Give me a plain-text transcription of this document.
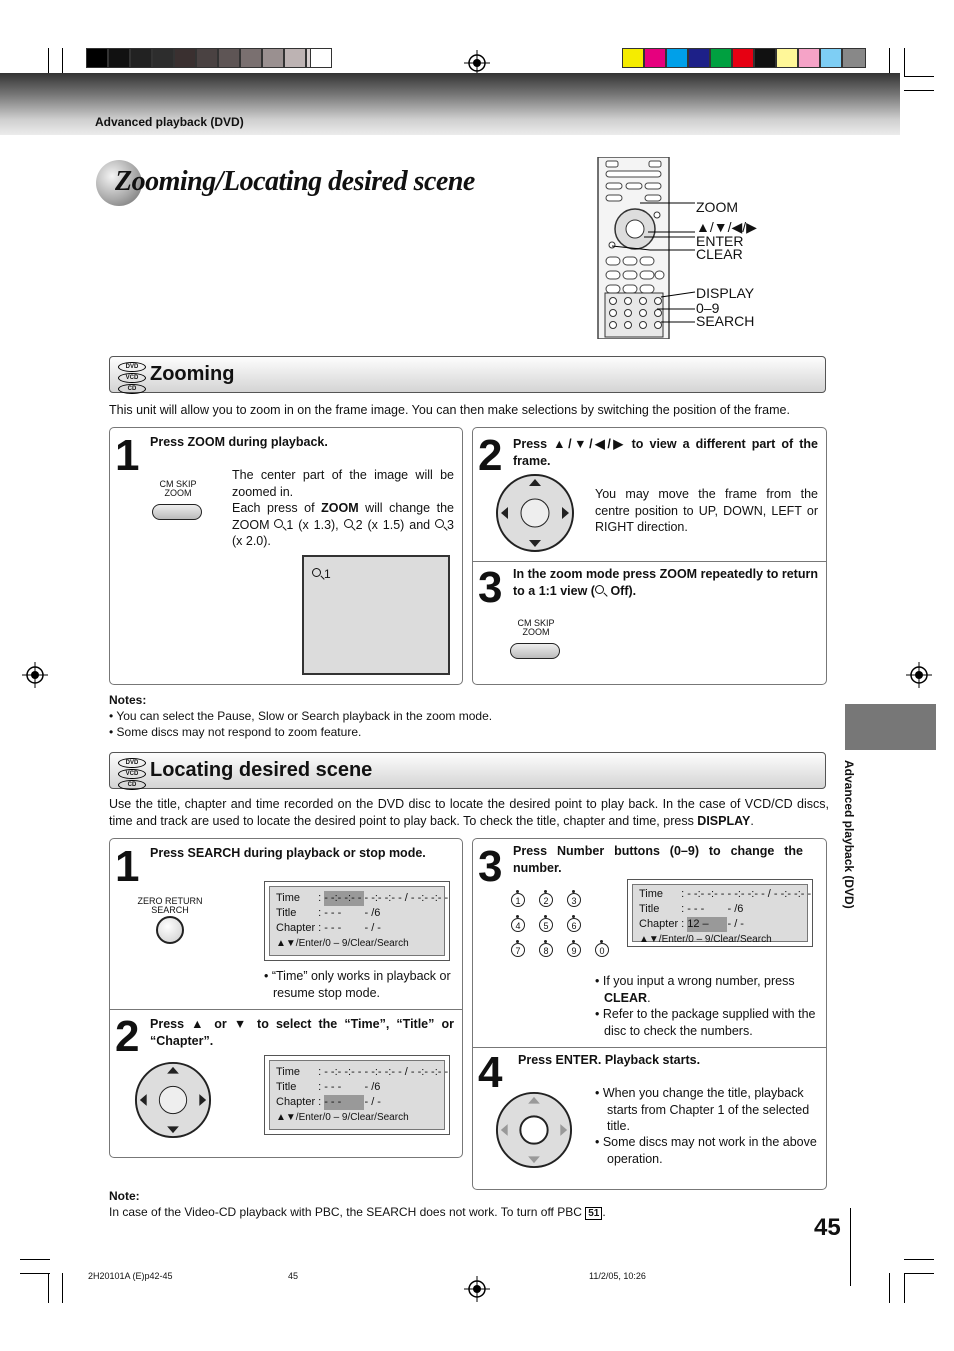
Advanced playback (DVD)
Zooming/Locating desired scene
ZOOM
▲/▼/◀/▶
ENTER
CLEAR
DISPLAY
0–9
SEARCH
DVD
VCD
CD
Zooming
This unit will allow you to zoom in on the frame image. You can then make selections by switching the position of the frame.
1 Press ZOOM during playback.
CM SKIP
ZOOM
The center part of the image will be zoomed in.
Each press of ZOOM will change the ZOOM 1 (x 1.3), 2 (x 1.5) and 3 (x 2.0).
1
2 Press ▲/▼/◀/▶ to view a different part of the frame.
You may move the frame from the centre position to UP, DOWN, LEFT or RIGHT direction.
3 In the zoom mode press ZOOM repeatedly to return to a 1:1 view ( Off).
CM SKIP
ZOOM
Notes:
• You can select the Pause, Slow or Search playback in the zoom mode.
• Some discs may not respond to zoom feature.
DVD
VCD
CD
Locating desired scene
Use the title, chapter and time recorded on the DVD disc to locate the desired point to play back. In the case of VCD/CD discs, time and track are used to locate the desired point to play back. To check the title, chapter and time, press DISPLAY.
1 Press SEARCH during playback or stop mode.
ZERO RETURN
SEARCH
Time	:	- -:- -:- -	- -:- -:- - / - -:- -:- -
Title	:	- - -	- /6
Chapter	:	- - -	- / -
▲▼/Enter/0 – 9/Clear/Search
• “Time” only works in playback or resume stop mode.
2 Press ▲ or ▼ to select the “Time”, “Title” or “Chapter”.
Time	:	- -:- -:- -	- -:- -:- - / - -:- -:- -
Title	:	- - -	- /6
Chapter	:	- - -	- / -
▲▼/Enter/0 – 9/Clear/Search
3 Press Number buttons (0–9) to change the number.
1	2	3
4	5	6
7	8	9	0
Time	:	- -:- -:- -	- -:- -:- - / - -:- -:- -
Title	:	- - -	- /6
Chapter	:	12 –	- / -
▲▼/Enter/0 – 9/Clear/Search
• If you input a wrong number, press CLEAR.
• Refer to the package supplied with the disc to check the numbers.
4 Press ENTER. Playback starts.
• When you change the title, playback starts from Chapter 1 of the selected title.
• Some discs may not work in the above operation.
Note:
In case of the Video-CD playback with PBC, the SEARCH does not work. To turn off PBC 51 .
Advanced playback (DVD)
45
2H20101A (E)p42-45	45	11/2/05, 10:26
